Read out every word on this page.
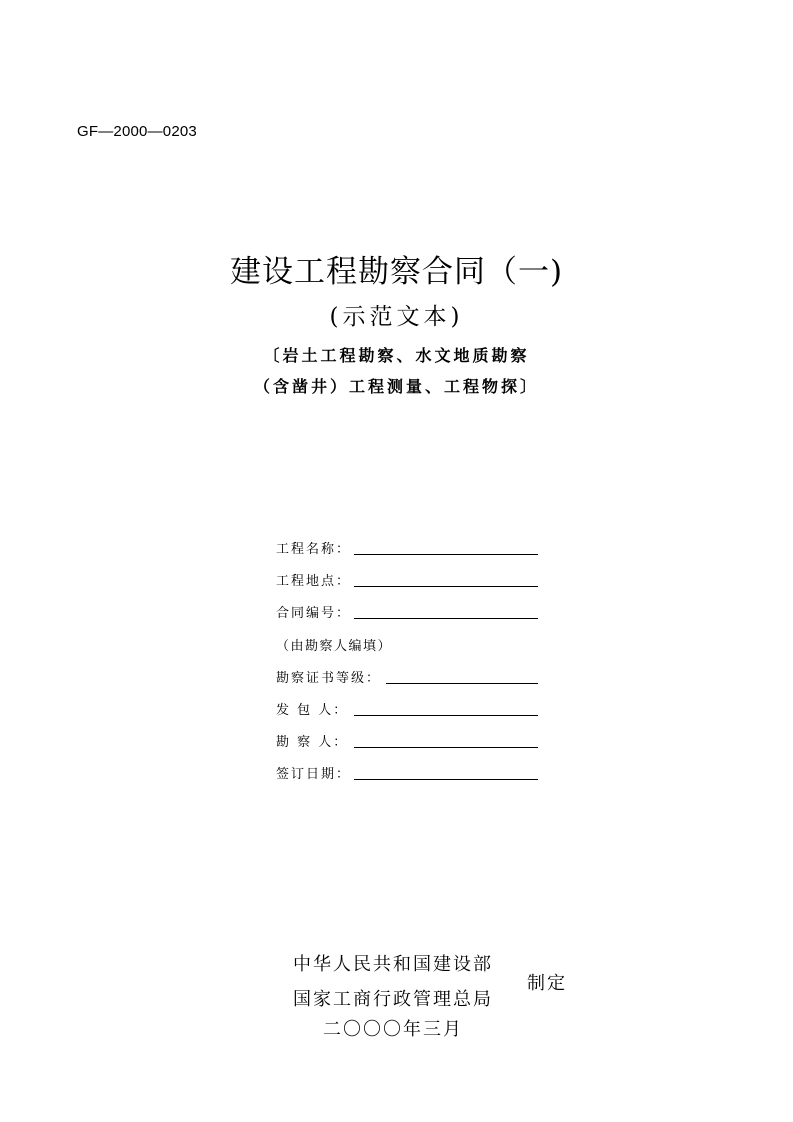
GF—2000—0203
建设工程勘察合同（一)
(示范文本)
〔岩土工程勘察、水文地质勘察
（含凿井）工程测量、工程物探〕
工程名称：
工程地点：
合同编号：
（由勘察人编填）
勘察证书等级：
发 包 人：
勘 察 人：
签订日期：
中华人民共和国建设部
国家工商行政管理总局
制定
二〇〇〇年三月
